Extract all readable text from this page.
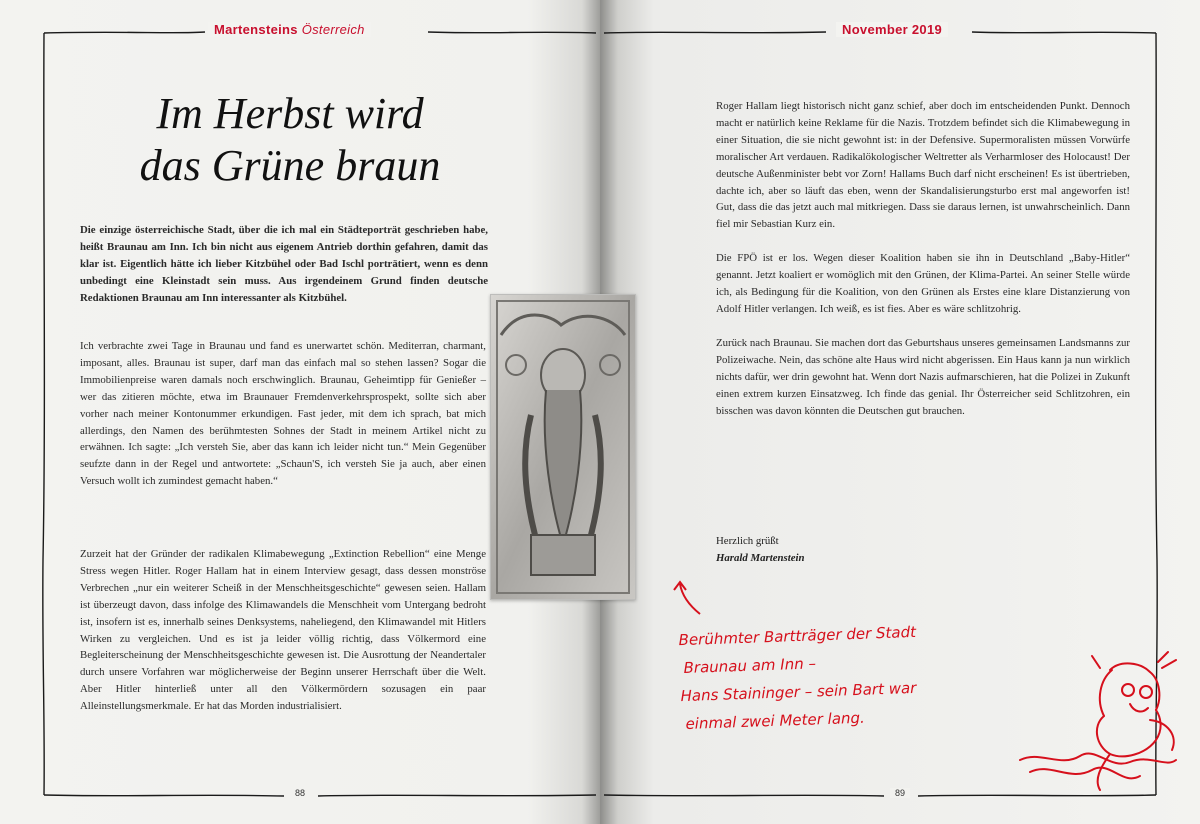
Martensteins Österreich
Im Herbst wird
das Grüne braun

Die einzige österreichische Stadt, über die ich mal ein Städteporträt geschrieben habe, heißt Braunau am Inn. Ich bin nicht aus eigenem Antrieb dorthin gefahren, damit das klar ist. Eigentlich hätte ich lieber Kitzbühel oder Bad Ischl porträtiert, wenn es denn unbedingt eine Kleinstadt sein muss. Aus irgendeinem Grund finden deutsche Redaktionen Braunau am Inn interessanter als Kitzbühel.

Ich verbrachte zwei Tage in Braunau und fand es unerwartet schön. Mediterran, charmant, imposant, alles. Braunau ist super, darf man das einfach mal so stehen lassen? Sogar die Immobilienpreise waren damals noch erschwinglich. Braunau, Geheimtipp für Genießer – wer das zitieren möchte, etwa im Braunauer Fremdenverkehrsprospekt, sollte sich aber vorher nach meiner Kontonummer erkundigen. Fast jeder, mit dem ich sprach, bat mich allerdings, den Namen des berühmtesten Sohnes der Stadt in meinem Artikel nicht zu erwähnen. Ich sagte: „Ich versteh Sie, aber das kann ich leider nicht tun.“ Mein Gegenüber seufzte dann in der Regel und antwortete: „Schaun'S, ich versteh Sie ja auch, aber einen Versuch wollt ich zumindest gemacht haben.“

Zurzeit hat der Gründer der radikalen Klimabewegung „Extinction Rebellion“ eine Menge Stress wegen Hitler. Roger Hallam hat in einem Interview gesagt, dass dessen monströse Verbrechen „nur ein weiterer Scheiß in der Menschheitsgeschichte“ gewesen seien. Hallam ist überzeugt davon, dass infolge des Klimawandels die Menschheit vom Untergang bedroht ist, insofern ist es, innerhalb seines Denksystems, naheliegend, den Klimawandel mit Hitlers Wirken zu vergleichen. Und es ist ja leider völlig richtig, dass Völkermord eine Begleiterscheinung der Menschheitsgeschichte gewesen ist. Die Ausrottung der Neandertaler durch unsere Vorfahren war möglicherweise der Beginn unserer Herrschaft über die Welt. Aber Hitler hinterließ unter all den Völkermördern sozusagen ein paar Alleinstellungsmerkmale. Er hat das Morden industrialisiert.

88	89
November 2019

Roger Hallam liegt historisch nicht ganz schief, aber doch im entscheidenden Punkt. Dennoch macht er natürlich keine Reklame für die Nazis. Trotzdem befindet sich die Klimabewegung in einer Situation, die sie nicht gewohnt ist: in der Defensive. Supermoralisten müssen Vorwürfe moralischer Art verdauen. Radikalökologischer Weltretter als Verharmloser des Holocaust! Der deutsche Außenminister bebt vor Zorn! Hallams Buch darf nicht erscheinen! Es ist übertrieben, dachte ich, aber so läuft das eben, wenn der Skandalisierungsturbo erst mal angeworfen ist! Gut, dass die das jetzt auch mal mitkriegen. Dass sie daraus lernen, ist unwahrscheinlich. Dann fiel mir Sebastian Kurz ein.

Die FPÖ ist er los. Wegen dieser Koalition haben sie ihn in Deutschland „Baby-Hitler“ genannt. Jetzt koaliert er womöglich mit den Grünen, der Klima-Partei. An seiner Stelle würde ich, als Bedingung für die Koalition, von den Grünen als Erstes eine klare Distanzierung von Adolf Hitler verlangen. Ich weiß, es ist fies. Aber es wäre schlitzohrig.

Zurück nach Braunau. Sie machen dort das Geburtshaus unseres gemeinsamen Landsmanns zur Polizeiwache. Nein, das schöne alte Haus wird nicht abgerissen. Ein Haus kann ja nun wirklich nichts dafür, wer drin gewohnt hat. Wenn dort Nazis aufmarschieren, hat die Polizei in Zukunft einen extrem kurzen Einsatzweg. Ich finde das genial. Ihr Österreicher seid Schlitzohren, ein bisschen was davon könnten die Deutschen gut brauchen.

Herzlich grüßt
Harald Martenstein
Berühmter Bartträger der Stadt
Braunau am Inn –
Hans Staininger – sein Bart war
einmal zwei Meter lang.
